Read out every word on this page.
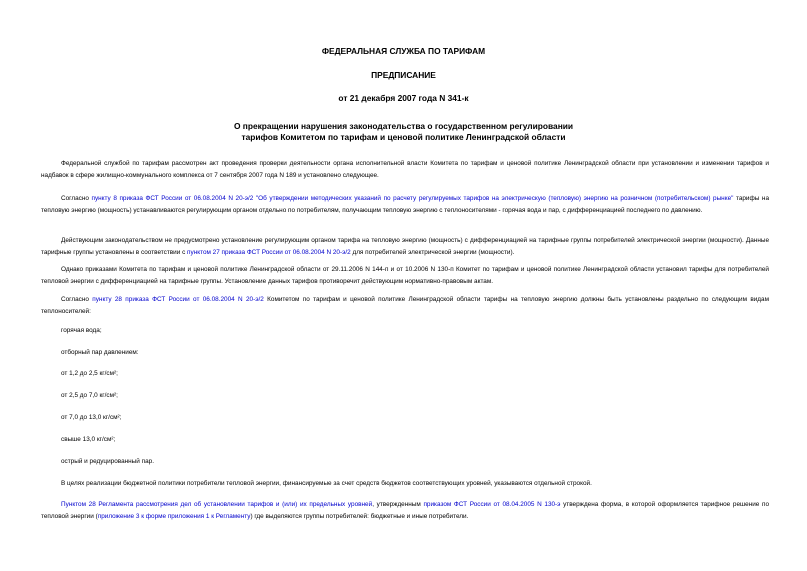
ФЕДЕРАЛЬНАЯ СЛУЖБА ПО ТАРИФАМ
ПРЕДПИСАНИЕ
от 21 декабря 2007 года N 341-к
О прекращении нарушения законодательства о государственном регулировании
тарифов Комитетом по тарифам и ценовой политике Ленинградской области

Федеральной службой по тарифам рассмотрен акт проведения проверки деятельности органа исполнительной власти Комитета по тарифам и ценовой политике Ленинградской области при установлении и изменении тарифов и надбавок в сфере жилищно-коммунального комплекса от 7 сентября 2007 года N 189 и установлено следующее.

Согласно пункту 8 приказа ФСТ России от 06.08.2004 N 20-э/2 "Об утверждении методических указаний по расчету регулируемых тарифов на электрическую (тепловую) энергию на розничном (потребительском) рынке" тарифы на тепловую энергию (мощность) устанавливаются регулирующим органом отдельно по потребителям, получающим тепловую энергию с теплоносителями - горячая вода и пар, с дифференциацией последнего по давлению.

Действующим законодательством не предусмотрено установление регулирующим органом тарифа на тепловую энергию (мощность) с дифференциацией на тарифные группы потребителей электрической энергии (мощности). Данные тарифные группы установлены в соответствии с пунктом 27 приказа ФСТ России от 06.08.2004 N 20-э/2 для потребителей электрической энергии (мощности).

Однако приказами Комитета по тарифам и ценовой политике Ленинградской области от 29.11.2006 N 144-п и от 10.2006 N 130-п Комитет по тарифам и ценовой политике Ленинградской области установил тарифы для потребителей тепловой энергии с дифференциацией на тарифные группы. Установление данных тарифов противоречит действующим нормативно-правовым актам.

Согласно пункту 28 приказа ФСТ России от 06.08.2004 N 20-э/2 Комитетом по тарифам и ценовой политике Ленинградской области тарифы на тепловую энергию должны быть установлены раздельно по следующим видам теплоносителей:

горячая вода;

отборный пар давлением:

от 1,2 до 2,5 кг/см²;

от 2,5 до 7,0 кг/см²;

от 7,0 до 13,0 кг/см²;

свыше 13,0 кг/см²;

острый и редуцированный пар.

В целях реализации бюджетной политики потребители тепловой энергии, финансируемые за счет средств бюджетов соответствующих уровней, указываются отдельной строкой.

Пунктом 28 Регламента рассмотрения дел об установлении тарифов и (или) их предельных уровней, утвержденным приказом ФСТ России от 08.04.2005 N 130-э утверждена форма, в которой оформляется тарифное решение по тепловой энергии (приложение 3 к форме приложения 1 к Регламенту) где выделяются группы потребителей: бюджетные и иные потребители.
